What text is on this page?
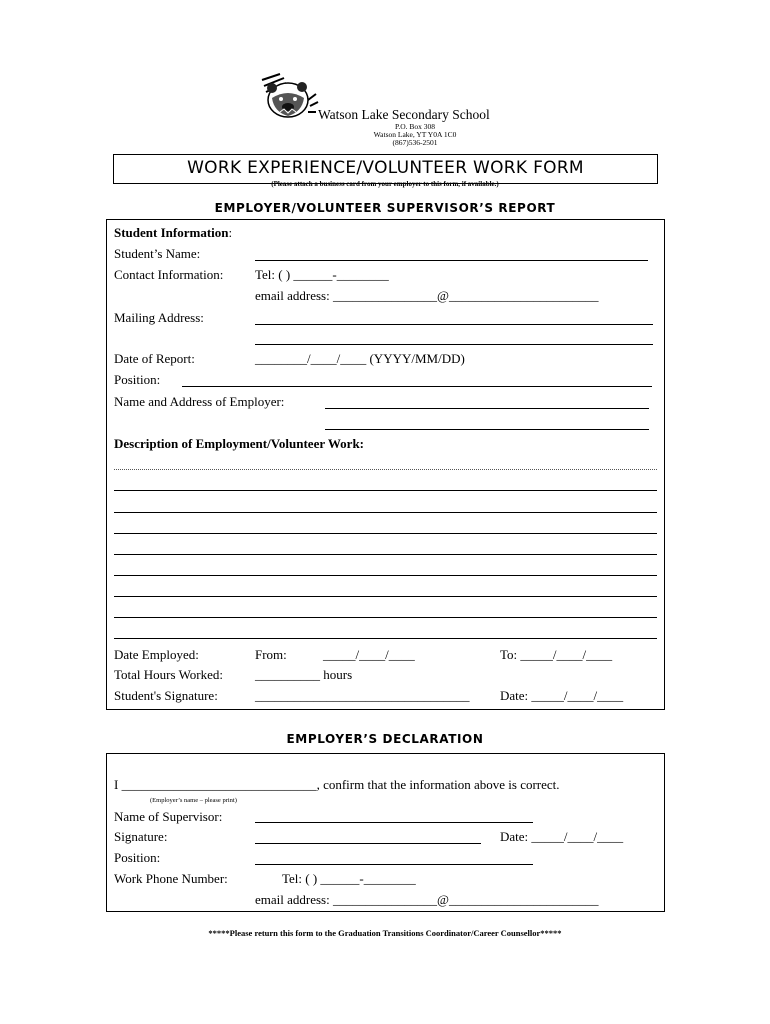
Watson Lake Secondary School
P.O. Box 308
Watson Lake, YT Y0A 1C0
(867)536-2501
WORK EXPERIENCE/VOLUNTEER WORK FORM
(Please attach a business card from your employer to this form, if available.)
EMPLOYER/VOLUNTEER SUPERVISOR’S REPORT
Student Information:
Student’s Name:
Contact Information: Tel: ( ) ______-________
email address: ________________@_______________________
Mailing Address:
Date of Report:	________/____/____ (YYYY/MM/DD)
Position:
Name and Address of Employer:
Description of Employment/Volunteer Work:
Date Employed:	From:	_____/____/____	To: _____/____/____
Total Hours Worked: __________ hours
Student's Signature:	_________________________________ Date: _____/____/____
EMPLOYER’S DECLARATION
I ______________________________, confirm that the information above is correct.
(Employer’s name – please print)
Name of Supervisor:
Signature:	Date: _____/____/____
Position:
Work Phone Number:	Tel: ( ) ______-________
email address: ________________@_______________________
*****Please return this form to the Graduation Transitions Coordinator/Career Counsellor*****
